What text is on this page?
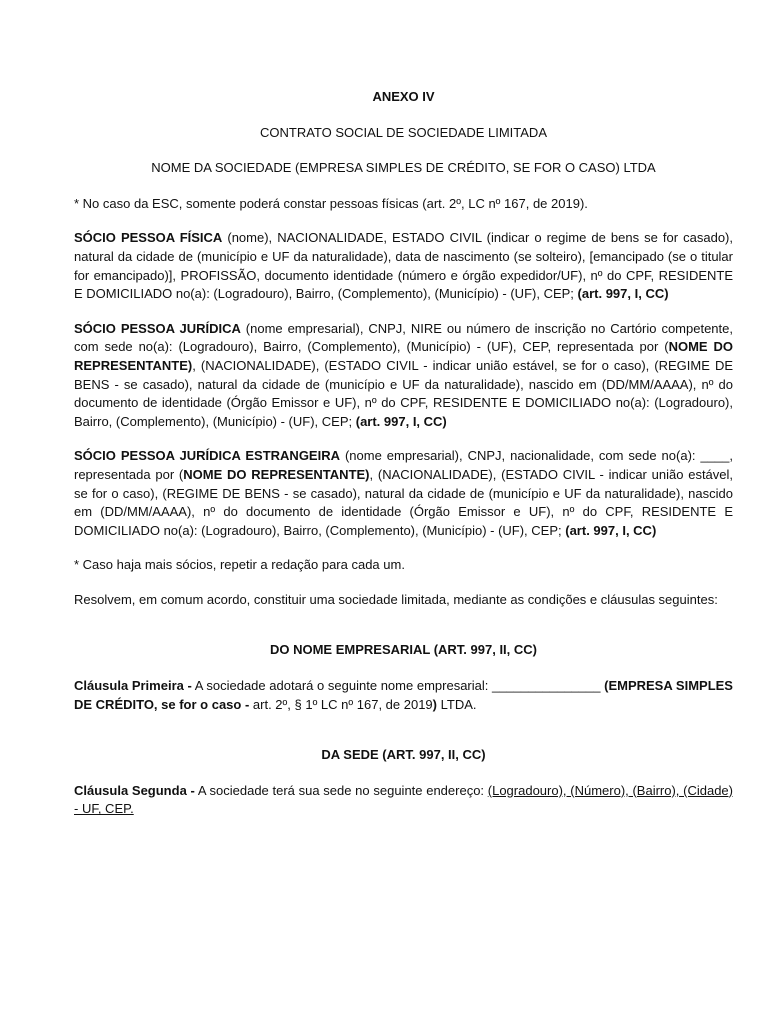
ANEXO IV
CONTRATO SOCIAL DE SOCIEDADE LIMITADA
NOME DA SOCIEDADE (EMPRESA SIMPLES DE CRÉDITO, SE FOR O CASO) LTDA
* No caso da ESC, somente poderá constar pessoas físicas (art. 2º, LC nº 167, de 2019).
SÓCIO PESSOA FÍSICA (nome), NACIONALIDADE, ESTADO CIVIL (indicar o regime de bens se for casado), natural da cidade de (município e UF da naturalidade), data de nascimento (se solteiro), [emancipado (se o titular for emancipado)], PROFISSÃO, documento identidade (número e órgão expedidor/UF), nº do CPF, RESIDENTE E DOMICILIADO no(a): (Logradouro), Bairro, (Complemento), (Município) - (UF), CEP; (art. 997, I, CC)
SÓCIO PESSOA JURÍDICA (nome empresarial), CNPJ, NIRE ou número de inscrição no Cartório competente, com sede no(a): (Logradouro), Bairro, (Complemento), (Município) - (UF), CEP, representada por (NOME DO REPRESENTANTE), (NACIONALIDADE), (ESTADO CIVIL - indicar união estável, se for o caso), (REGIME DE BENS - se casado), natural da cidade de (município e UF da naturalidade), nascido em (DD/MM/AAAA), nº do documento de identidade (Órgão Emissor e UF), nº do CPF, RESIDENTE E DOMICILIADO no(a): (Logradouro), Bairro, (Complemento), (Município) - (UF), CEP; (art. 997, I, CC)
SÓCIO PESSOA JURÍDICA ESTRANGEIRA (nome empresarial), CNPJ, nacionalidade, com sede no(a): ____, representada por (NOME DO REPRESENTANTE), (NACIONALIDADE), (ESTADO CIVIL - indicar união estável, se for o caso), (REGIME DE BENS - se casado), natural da cidade de (município e UF da naturalidade), nascido em (DD/MM/AAAA), nº do documento de identidade (Órgão Emissor e UF), nº do CPF, RESIDENTE E DOMICILIADO no(a): (Logradouro), Bairro, (Complemento), (Município) - (UF), CEP; (art. 997, I, CC)
* Caso haja mais sócios, repetir a redação para cada um.
Resolvem, em comum acordo, constituir uma sociedade limitada, mediante as condições e cláusulas seguintes:
DO NOME EMPRESARIAL (ART. 997, II, CC)
Cláusula Primeira - A sociedade adotará o seguinte nome empresarial: _______________ (EMPRESA SIMPLES DE CRÉDITO, se for o caso - art. 2º, § 1º LC nº 167, de 2019) LTDA.
DA SEDE (ART. 997, II, CC)
Cláusula Segunda - A sociedade terá sua sede no seguinte endereço: (Logradouro), (Número), (Bairro), (Cidade) - UF, CEP.
